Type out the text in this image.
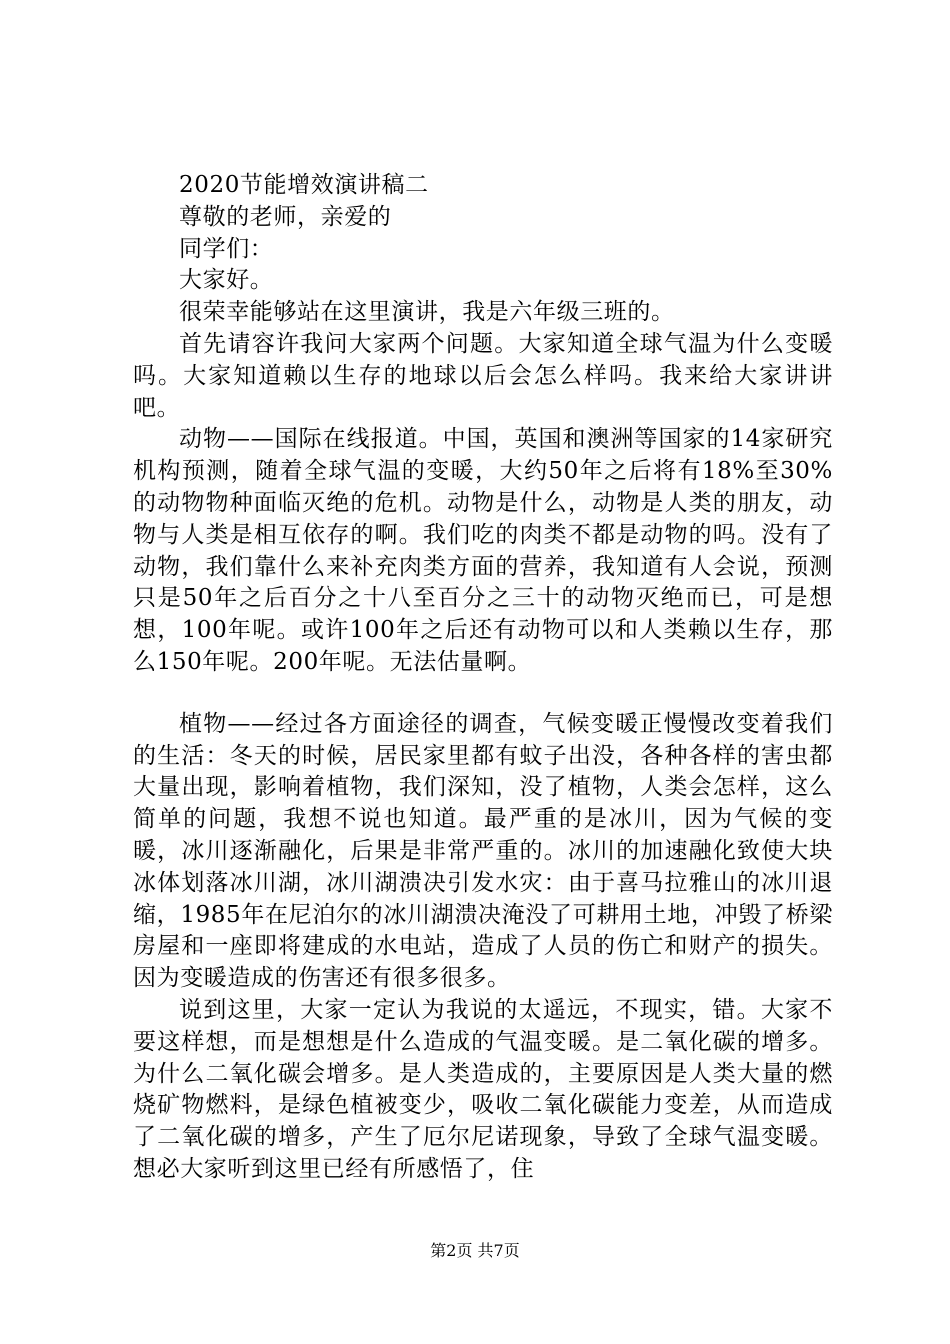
2020节能增效演讲稿二

尊敬的老师，亲爱的

同学们：

大家好。

很荣幸能够站在这里演讲，我是六年级三班的。

首先请容许我问大家两个问题。大家知道全球气温为什么变暖吗。大家知道赖以生存的地球以后会怎么样吗。我来给大家讲讲吧。

动物——国际在线报道。中国，英国和澳洲等国家的14家研究机构预测，随着全球气温的变暖，大约50年之后将有18%至30%的动物物种面临灭绝的危机。动物是什么，动物是人类的朋友，动物与人类是相互依存的啊。我们吃的肉类不都是动物的吗。没有了动物，我们靠什么来补充肉类方面的营养，我知道有人会说，预测只是50年之后百分之十八至百分之三十的动物灭绝而已，可是想想，100年呢。或许100年之后还有动物可以和人类赖以生存，那么150年呢。200年呢。无法估量啊。

植物——经过各方面途径的调查，气候变暖正慢慢改变着我们的生活：冬天的时候，居民家里都有蚊子出没，各种各样的害虫都大量出现，影响着植物，我们深知，没了植物，人类会怎样，这么简单的问题，我想不说也知道。最严重的是冰川，因为气候的变暖，冰川逐渐融化，后果是非常严重的。冰川的加速融化致使大块冰体划落冰川湖，冰川湖溃决引发水灾：由于喜马拉雅山的冰川退缩，1985年在尼泊尔的冰川湖溃决淹没了可耕用土地，冲毁了桥梁房屋和一座即将建成的水电站，造成了人员的伤亡和财产的损失。因为变暖造成的伤害还有很多很多。

说到这里，大家一定认为我说的太遥远，不现实，错。大家不要这样想，而是想想是什么造成的气温变暖。是二氧化碳的增多。为什么二氧化碳会增多。是人类造成的，主要原因是人类大量的燃烧矿物燃料，是绿色植被变少，吸收二氧化碳能力变差，从而造成了二氧化碳的增多，产生了厄尔尼诺现象，导致了全球气温变暖。想必大家听到这里已经有所感悟了，住

第2页 共7页
